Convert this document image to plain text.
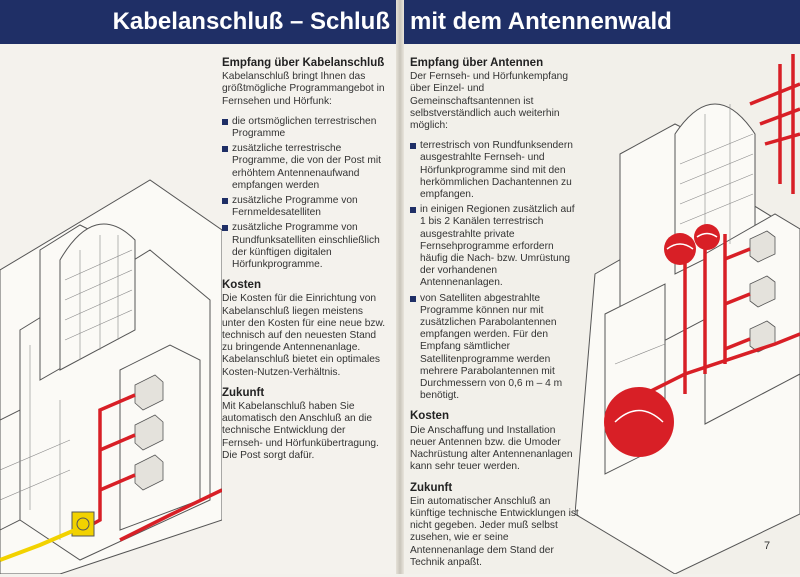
Kabelanschluß – Schluß mit dem Antennenwald
Empfang über Kabelanschluß

Kabelanschluß bringt Ihnen das größtmögliche Programmangebot in Fernsehen und Hörfunk:

die ortsmöglichen terrestrischen Programme
zusätzliche terrestrische Programme, die von der Post mit erhöhtem Antennenaufwand empfangen werden
zusätzliche Programme von Fernmeldesatelliten
zusätzliche Programme von Rundfunksatelliten einschließlich der künftigen digitalen Hörfunkprogramme.
Kosten

Die Kosten für die Einrichtung von Kabelanschluß liegen meistens unter den Kosten für eine neue bzw. technisch auf den neuesten Stand zu bringende Antennenanlage. Kabelanschluß bietet ein optimales Kosten-Nutzen-Verhältnis.

Zukunft

Mit Kabelanschluß haben Sie automatisch den Anschluß an die technische Entwicklung der Fernseh- und Hörfunkübertragung. Die Post sorgt dafür.

Empfang über Antennen

Der Fernseh- und Hörfunkempfang über Einzel- und Gemeinschaftsantennen ist selbstverständlich auch weiterhin möglich:

terrestrisch von Rundfunksendern ausgestrahlte Fernseh- und Hörfunkprogramme sind mit den herkömmlichen Dachantennen zu empfangen.
in einigen Regionen zusätzlich auf 1 bis 2 Kanälen terrestrisch ausgestrahlte private Fernsehprogramme erfordern häufig die Nach- bzw. Umrüstung der vorhandenen Antennenanlagen.
von Satelliten abgestrahlte Programme können nur mit zusätzlichen Parabolantennen empfangen werden. Für den Empfang sämtlicher Satellitenprogramme werden mehrere Parabolantennen mit Durchmessern von 0,6 m – 4 m benötigt.
Kosten

Die Anschaffung und Installation neuer Antennen bzw. die Umoder Nachrüstung alter Antennenanlagen kann sehr teuer werden.

Zukunft

Ein automatischer Anschluß an künftige technische Entwicklungen ist nicht gegeben. Jeder muß selbst zusehen, wie er seine Antennenanlage dem Stand der Technik anpaßt.

7
